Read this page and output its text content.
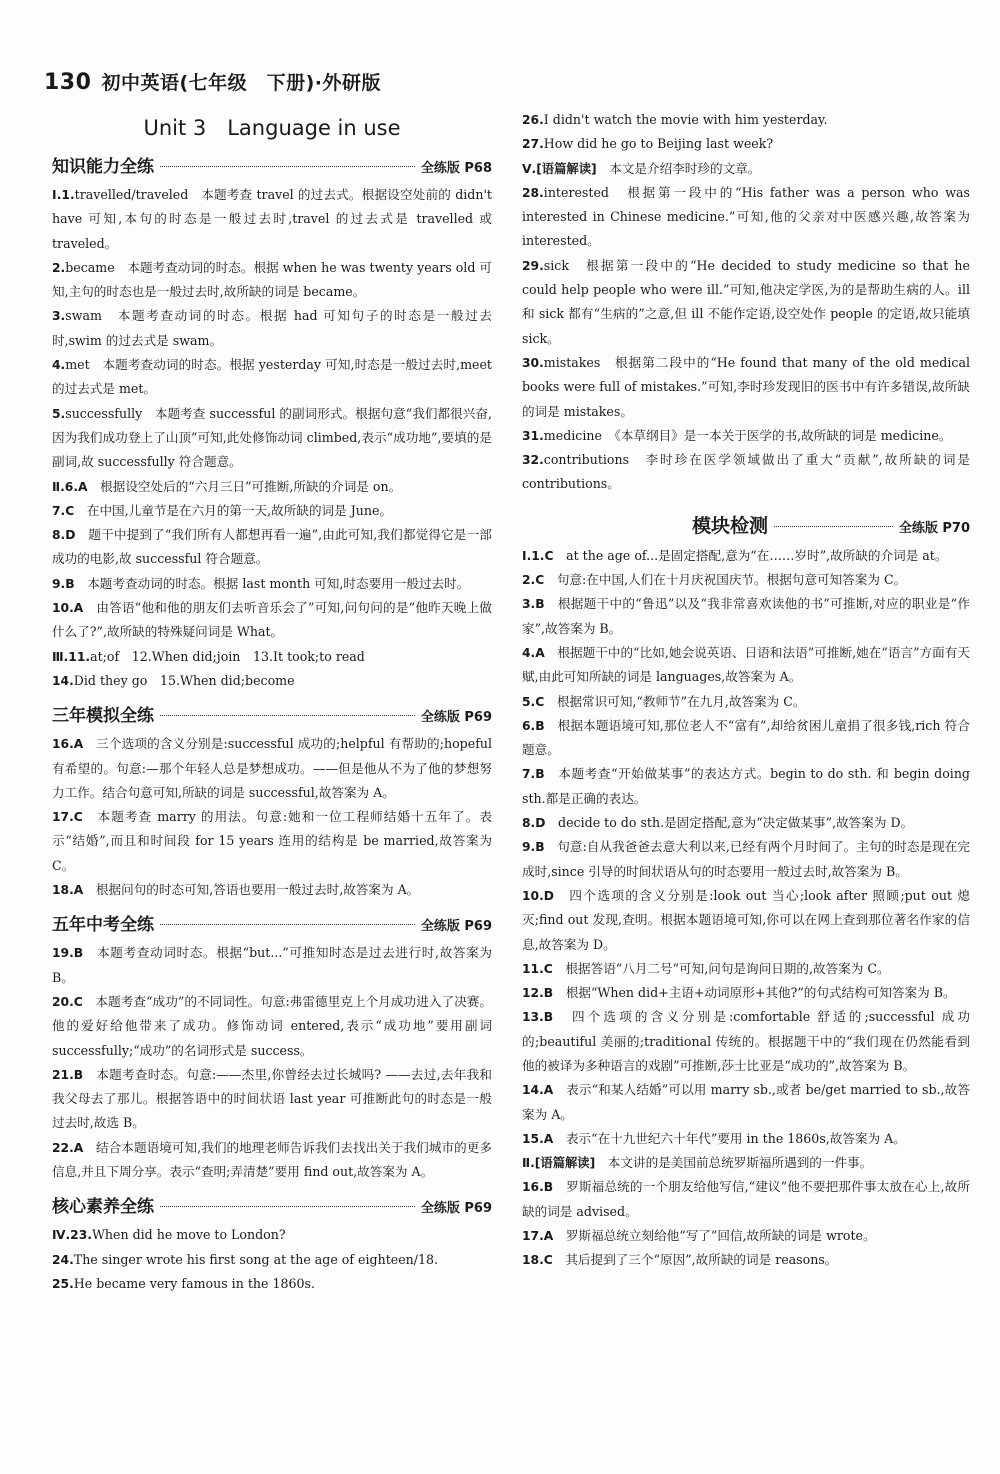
130 初中英语(七年级　下册)·外研版
Unit 3　Language in use
知识能力全练	全练版 P68

Ⅰ.1.travelled/traveled　本题考查 travel 的过去式。根据设空处前的 didn't have 可知,本句的时态是一般过去时,travel 的过去式是 travelled 或 traveled。

2.became　本题考查动词的时态。根据 when he was twenty years old 可知,主句的时态也是一般过去时,故所缺的词是 became。

3.swam　本题考查动词的时态。根据 had 可知句子的时态是一般过去时,swim 的过去式是 swam。

4.met　本题考查动词的时态。根据 yesterday 可知,时态是一般过去时,meet 的过去式是 met。

5.successfully　本题考查 successful 的副词形式。根据句意“我们都很兴奋,因为我们成功登上了山顶”可知,此处修饰动词 climbed,表示“成功地”,要填的是副词,故 successfully 符合题意。

Ⅱ.6.A　根据设空处后的“六月三日”可推断,所缺的介词是 on。

7.C　在中国,儿童节是在六月的第一天,故所缺的词是 June。

8.D　题干中提到了“我们所有人都想再看一遍”,由此可知,我们都觉得它是一部成功的电影,故 successful 符合题意。

9.B　本题考查动词的时态。根据 last month 可知,时态要用一般过去时。

10.A　由答语“他和他的朋友们去听音乐会了”可知,问句问的是“他昨天晚上做什么了?”,故所缺的特殊疑问词是 What。

Ⅲ.11.at;of　12.When did;join　13.It took;to read

14.Did they go　15.When did;become

三年模拟全练	全练版 P69

16.A　三个选项的含义分别是:successful 成功的;helpful 有帮助的;hopeful 有希望的。句意:—那个年轻人总是梦想成功。——但是他从不为了他的梦想努力工作。结合句意可知,所缺的词是 successful,故答案为 A。

17.C　本题考查 marry 的用法。句意:她和一位工程师结婚十五年了。表示“结婚”,而且和时间段 for 15 years 连用的结构是 be married,故答案为 C。

18.A　根据问句的时态可知,答语也要用一般过去时,故答案为 A。

五年中考全练	全练版 P69

19.B　本题考查动词时态。根据“but...”可推知时态是过去进行时,故答案为 B。

20.C　本题考查“成功”的不同词性。句意:弗雷德里克上个月成功进入了决赛。他的爱好给他带来了成功。修饰动词 entered,表示“成功地”要用副词 successfully;“成功”的名词形式是 success。

21.B　本题考查时态。句意:——杰里,你曾经去过长城吗? ——去过,去年我和我父母去了那儿。根据答语中的时间状语 last year 可推断此句的时态是一般过去时,故选 B。

22.A　结合本题语境可知,我们的地理老师告诉我们去找出关于我们城市的更多信息,并且下周分享。表示“查明;弄清楚”要用 find out,故答案为 A。

核心素养全练	全练版 P69

Ⅳ.23.When did he move to London?

24.The singer wrote his first song at the age of eighteen/18.

25.He became very famous in the 1860s.

26.I didn't watch the movie with him yesterday.

27.How did he go to Beijing last week?

Ⅴ.[语篇解读]　本文是介绍李时珍的文章。

28.interested　根据第一段中的“His father was a person who was interested in Chinese medicine.”可知,他的父亲对中医感兴趣,故答案为 interested。

29.sick　根据第一段中的“He decided to study medicine so that he could help people who were ill.”可知,他决定学医,为的是帮助生病的人。ill 和 sick 都有“生病的”之意,但 ill 不能作定语,设空处作 people 的定语,故只能填 sick。

30.mistakes　根据第二段中的“He found that many of the old medical books were full of mistakes.”可知,李时珍发现旧的医书中有许多错误,故所缺的词是 mistakes。

31.medicine　《本草纲目》是一本关于医学的书,故所缺的词是 medicine。

32.contributions　李时珍在医学领域做出了重大“贡献”,故所缺的词是 contributions。

模块检测	全练版 P70

Ⅰ.1.C　at the age of...是固定搭配,意为“在……岁时”,故所缺的介词是 at。

2.C　句意:在中国,人们在十月庆祝国庆节。根据句意可知答案为 C。

3.B　根据题干中的“鲁迅”以及“我非常喜欢读他的书”可推断,对应的职业是“作家”,故答案为 B。

4.A　根据题干中的“比如,她会说英语、日语和法语”可推断,她在“语言”方面有天赋,由此可知所缺的词是 languages,故答案为 A。

5.C　根据常识可知,“教师节”在九月,故答案为 C。

6.B　根据本题语境可知,那位老人不“富有”,却给贫困儿童捐了很多钱,rich 符合题意。

7.B　本题考查“开始做某事”的表达方式。begin to do sth. 和 begin doing sth.都是正确的表达。

8.D　decide to do sth.是固定搭配,意为“决定做某事”,故答案为 D。

9.B　句意:自从我爸爸去意大利以来,已经有两个月时间了。主句的时态是现在完成时,since 引导的时间状语从句的时态要用一般过去时,故答案为 B。

10.D　四个选项的含义分别是:look out 当心;look after 照顾;put out 熄灭;find out 发现,查明。根据本题语境可知,你可以在网上查到那位著名作家的信息,故答案为 D。

11.C　根据答语“八月二号”可知,问句是询问日期的,故答案为 C。

12.B　根据“When did+主语+动词原形+其他?”的句式结构可知答案为 B。

13.B　四个选项的含义分别是:comfortable 舒适的;successful 成功的;beautiful 美丽的;traditional 传统的。根据题干中的“我们现在仍然能看到他的被译为多种语言的戏剧”可推断,莎士比亚是“成功的”,故答案为 B。

14.A　表示“和某人结婚”可以用 marry sb.,或者 be/get married to sb.,故答案为 A。

15.A　表示“在十九世纪六十年代”要用 in the 1860s,故答案为 A。

Ⅱ.[语篇解读]　本文讲的是美国前总统罗斯福所遇到的一件事。

16.B　罗斯福总统的一个朋友给他写信,“建议”他不要把那件事太放在心上,故所缺的词是 advised。

17.A　罗斯福总统立刻给他“写了”回信,故所缺的词是 wrote。

18.C　其后提到了三个“原因”,故所缺的词是 reasons。
